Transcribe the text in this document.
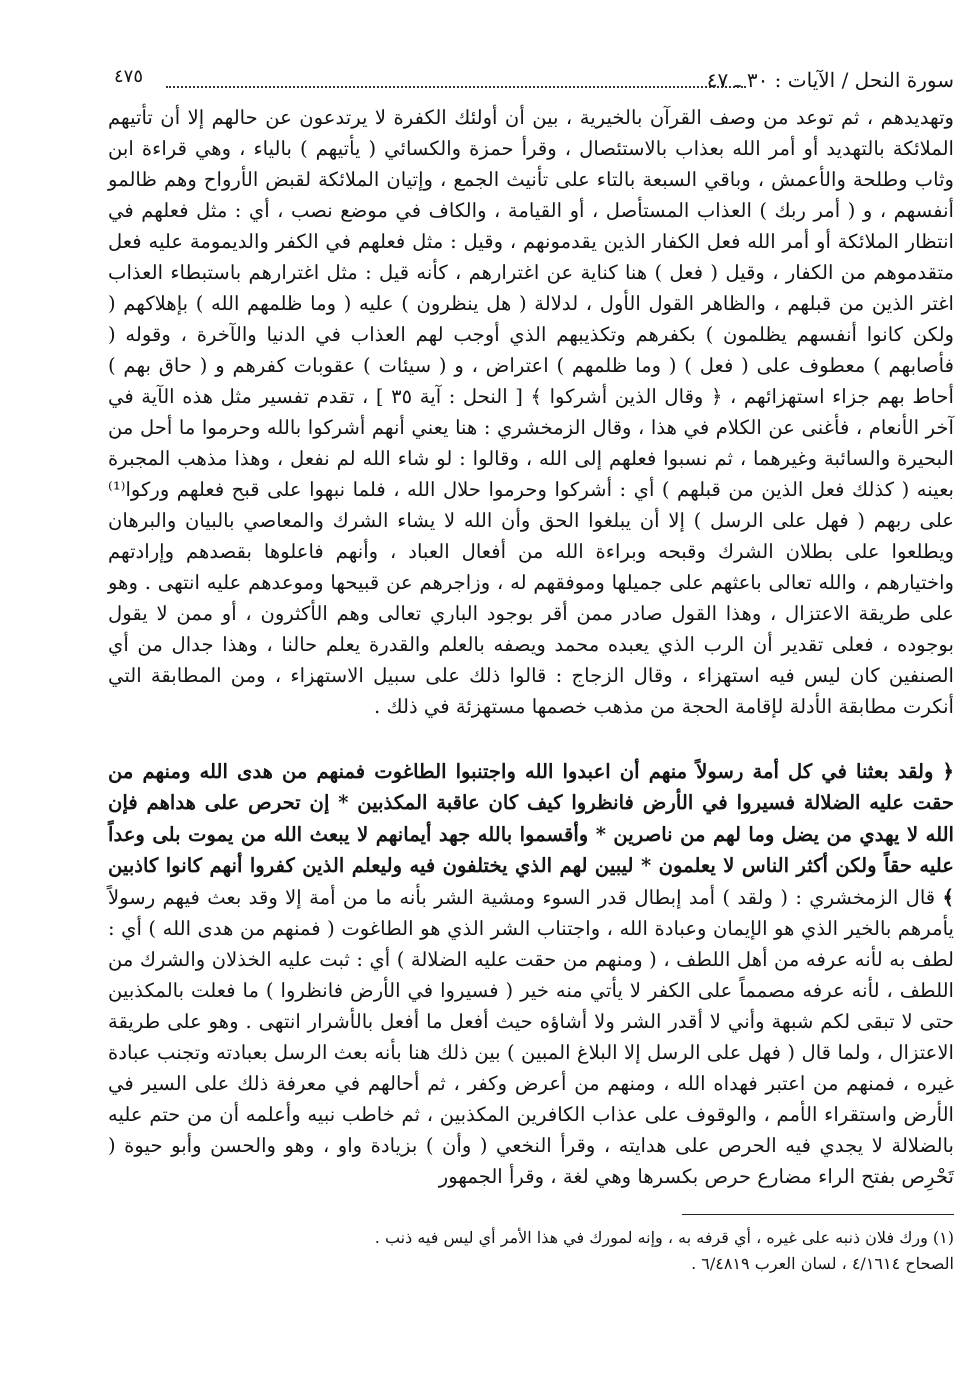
سورة النحل / الآيات : ٣٠ ـ ٤٧
٤٧٥

وتهديدهم ، ثم توعد من وصف القرآن بالخيرية ، بين أن أولئك الكفرة لا يرتدعون عن حالهم إلا أن تأتيهم الملائكة بالتهديد أو أمر الله بعذاب بالاستئصال ، وقرأ حمزة والكسائي ( يأتيهم ) بالياء ، وهي قراءة ابن وثاب وطلحة والأعمش ، وباقي السبعة بالتاء على تأنيث الجمع ، وإتيان الملائكة لقبض الأرواح وهم ظالمو أنفسهم ، و ( أمر ربك ) العذاب المستأصل ، أو القيامة ، والكاف في موضع نصب ، أي : مثل فعلهم في انتظار الملائكة أو أمر الله فعل الكفار الذين يقدمونهم ، وقيل : مثل فعلهم في الكفر والديمومة عليه فعل متقدموهم من الكفار ، وقيل ( فعل ) هنا كناية عن اغترارهم ، كأنه قيل : مثل اغترارهم باستبطاء العذاب اغتر الذين من قبلهم ، والظاهر القول الأول ، لدلالة ( هل ينظرون ) عليه ( وما ظلمهم الله ) بإهلاكهم ( ولكن كانوا أنفسهم يظلمون ) بكفرهم وتكذيبهم الذي أوجب لهم العذاب في الدنيا والآخرة ، وقوله ( فأصابهم ) معطوف على ( فعل ) ( وما ظلمهم ) اعتراض ، و ( سيئات ) عقوبات كفرهم و ( حاق بهم ) أحاط بهم جزاء استهزائهم ، ﴿ وقال الذين أشركوا ﴾ [ النحل : آية ٣٥ ] ، تقدم تفسير مثل هذه الآية في آخر الأنعام ، فأغنى عن الكلام في هذا ، وقال الزمخشري : هنا يعني أنهم أشركوا بالله وحرموا ما أحل من البحيرة والسائبة وغيرهما ، ثم نسبوا فعلهم إلى الله ، وقالوا : لو شاء الله لم نفعل ، وهذا مذهب المجبرة بعينه ( كذلك فعل الذين من قبلهم ) أي : أشركوا وحرموا حلال الله ، فلما نبهوا على قبح فعلهم وركوا⁽¹⁾ على ربهم ( فهل على الرسل ) إلا أن يبلغوا الحق وأن الله لا يشاء الشرك والمعاصي بالبيان والبرهان ويطلعوا على بطلان الشرك وقبحه وبراءة الله من أفعال العباد ، وأنهم فاعلوها بقصدهم وإرادتهم واختيارهم ، والله تعالى باعثهم على جميلها وموفقهم له ، وزاجرهم عن قبيحها وموعدهم عليه انتهى . وهو على طريقة الاعتزال ، وهذا القول صادر ممن أقر بوجود الباري تعالى وهم الأكثرون ، أو ممن لا يقول بوجوده ، فعلى تقدير أن الرب الذي يعبده محمد ويصفه بالعلم والقدرة يعلم حالنا ، وهذا جدال من أي الصنفين كان ليس فيه استهزاء ، وقال الزجاج : قالوا ذلك على سبيل الاستهزاء ، ومن المطابقة التي أنكرت مطابقة الأدلة لإقامة الحجة من مذهب خصمها مستهزئة في ذلك .

﴿ ولقد بعثنا في كل أمة رسولاً منهم أن اعبدوا الله واجتنبوا الطاغوت فمنهم من هدى الله ومنهم من حقت عليه الضلالة فسيروا في الأرض فانظروا كيف كان عاقبة المكذبين * إن تحرص على هداهم فإن الله لا يهدي من يضل وما لهم من ناصرين * وأقسموا بالله جهد أيمانهم لا يبعث الله من يموت بلى وعداً عليه حقاً ولكن أكثر الناس لا يعلمون * ليبين لهم الذي يختلفون فيه وليعلم الذين كفروا أنهم كانوا كاذبين ﴾ قال الزمخشري : ( ولقد ) أمد إبطال قدر السوء ومشية الشر بأنه ما من أمة إلا وقد بعث فيهم رسولاً يأمرهم بالخير الذي هو الإيمان وعبادة الله ، واجتناب الشر الذي هو الطاغوت ( فمنهم من هدى الله ) أي : لطف به لأنه عرفه من أهل اللطف ، ( ومنهم من حقت عليه الضلالة ) أي : ثبت عليه الخذلان والشرك من اللطف ، لأنه عرفه مصمماً على الكفر لا يأتي منه خير ( فسيروا في الأرض فانظروا ) ما فعلت بالمكذبين حتى لا تبقى لكم شبهة وأني لا أقدر الشر ولا أشاؤه حيث أفعل ما أفعل بالأشرار انتهى . وهو على طريقة الاعتزال ، ولما قال ( فهل على الرسل إلا البلاغ المبين ) بين ذلك هنا بأنه بعث الرسل بعبادته وتجنب عبادة غيره ، فمنهم من اعتبر فهداه الله ، ومنهم من أعرض وكفر ، ثم أحالهم في معرفة ذلك على السير في الأرض واستقراء الأمم ، والوقوف على عذاب الكافرين المكذبين ، ثم خاطب نبيه وأعلمه أن من حتم عليه بالضلالة لا يجدي فيه الحرص على هدايته ، وقرأ النخعي ( وأن ) بزيادة واو ، وهو والحسن وأبو حيوة ( تَحْرِص بفتح الراء مضارع حرص بكسرها وهي لغة ، وقرأ الجمهور

(١) ورك فلان ذنبه على غيره ، أي قرفه به ، وإنه لمورك في هذا الأمر أي ليس فيه ذنب .

الصحاح ٤/١٦١٤ ، لسان العرب ٦/٤٨١٩ .
